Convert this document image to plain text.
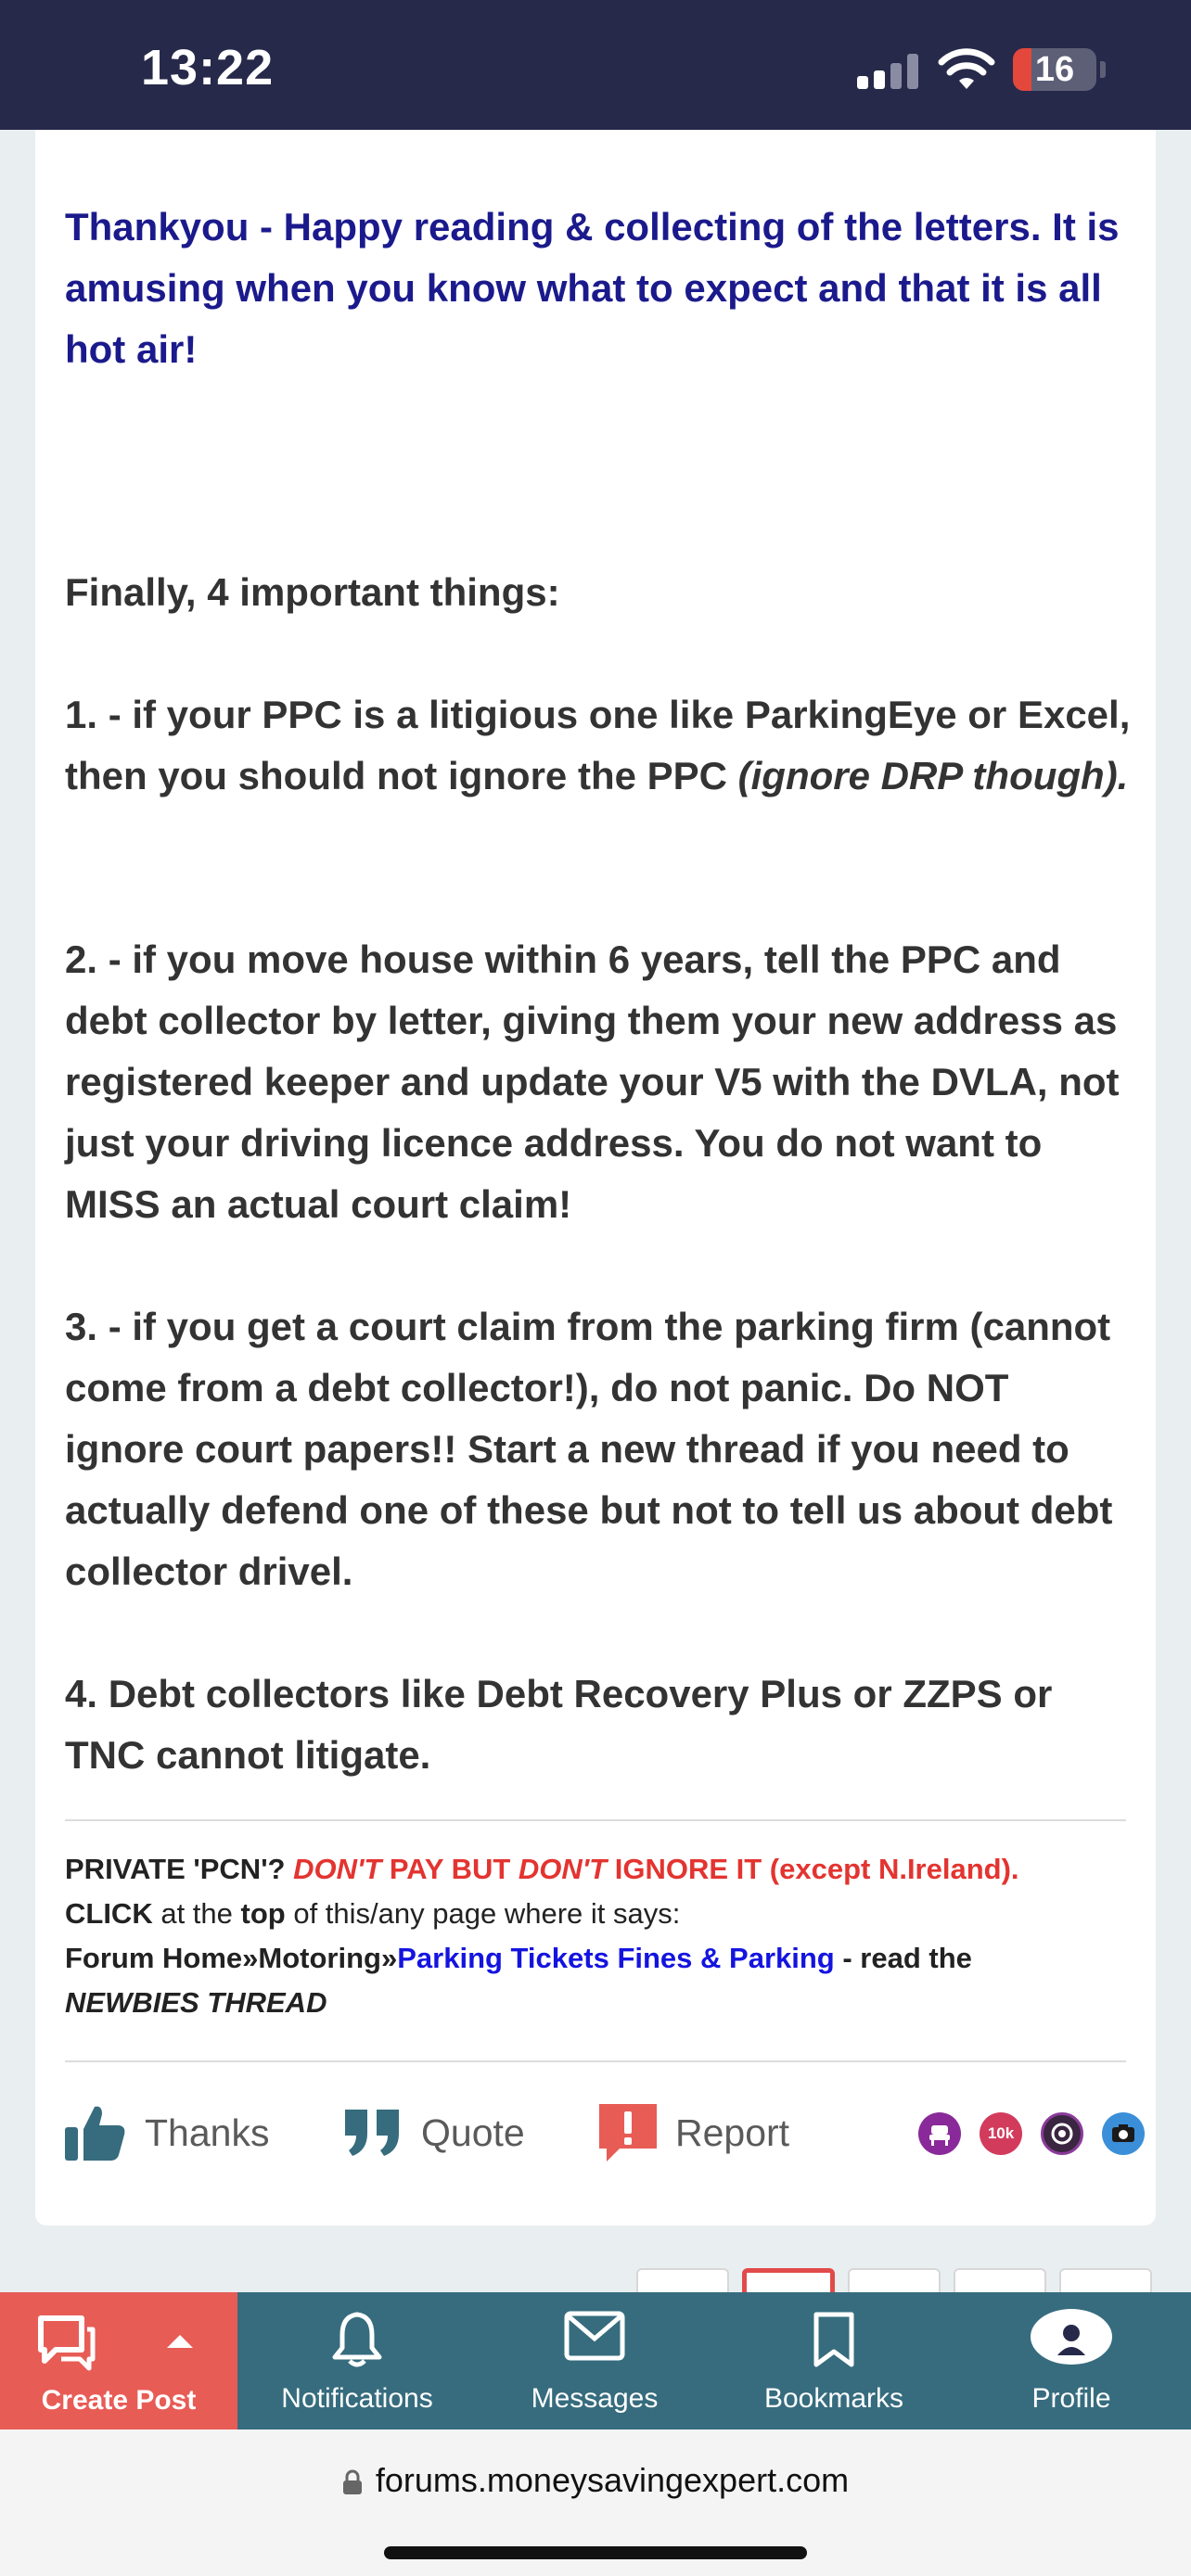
13:22	16
Thankyou - Happy reading & collecting of the letters. It is amusing when you know what to expect and that it is all hot air!
Finally, 4 important things:
1. - if your PPC is a litigious one like ParkingEye or Excel, then you should not ignore the PPC (ignore DRP though).
2. - if you move house within 6 years, tell the PPC and debt collector by letter, giving them your new address as registered keeper and update your V5 with the DVLA, not just your driving licence address. You do not want to MISS an actual court claim!
3. - if you get a court claim from the parking firm (cannot come from a debt collector!), do not panic. Do NOT ignore court papers!! Start a new thread if you need to actually defend one of these but not to tell us about debt collector drivel.
4. Debt collectors like Debt Recovery Plus or ZZPS or TNC cannot litigate.
PRIVATE 'PCN'? DON'T PAY BUT DON'T IGNORE IT (except N.Ireland).
CLICK at the top of this/any page where it says:
Forum Home»Motoring»Parking Tickets Fines & Parking - read the
NEWBIES THREAD
Thanks	Quote	Report	10k
Create Post	Notifications	Messages	Bookmarks	Profile
forums.moneysavingexpert.com
